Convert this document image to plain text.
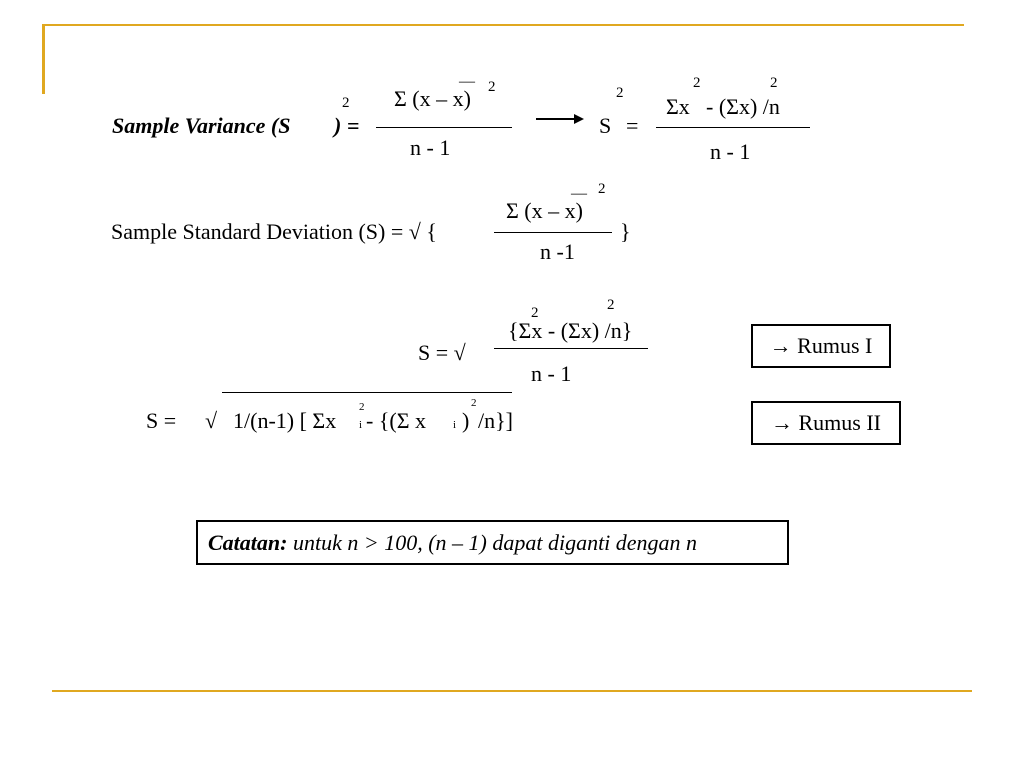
Sample Variance (S
2
) =
Σ (x – x)
— 2
n - 1
S
2
=
Σx
2
- (Σx) /n
2
n - 1
Sample Standard Deviation (S) = √ {
Σ (x – x)
— 2
n -1
}
S = √
{Σx - (Σx) /n}
2	2
n - 1
→ Rumus I
S = √ 1/(n-1) [ Σx
2
i - {(Σ x i )
2
/n}]	→ Rumus II
Catatan: untuk n > 100, (n – 1) dapat diganti dengan n
